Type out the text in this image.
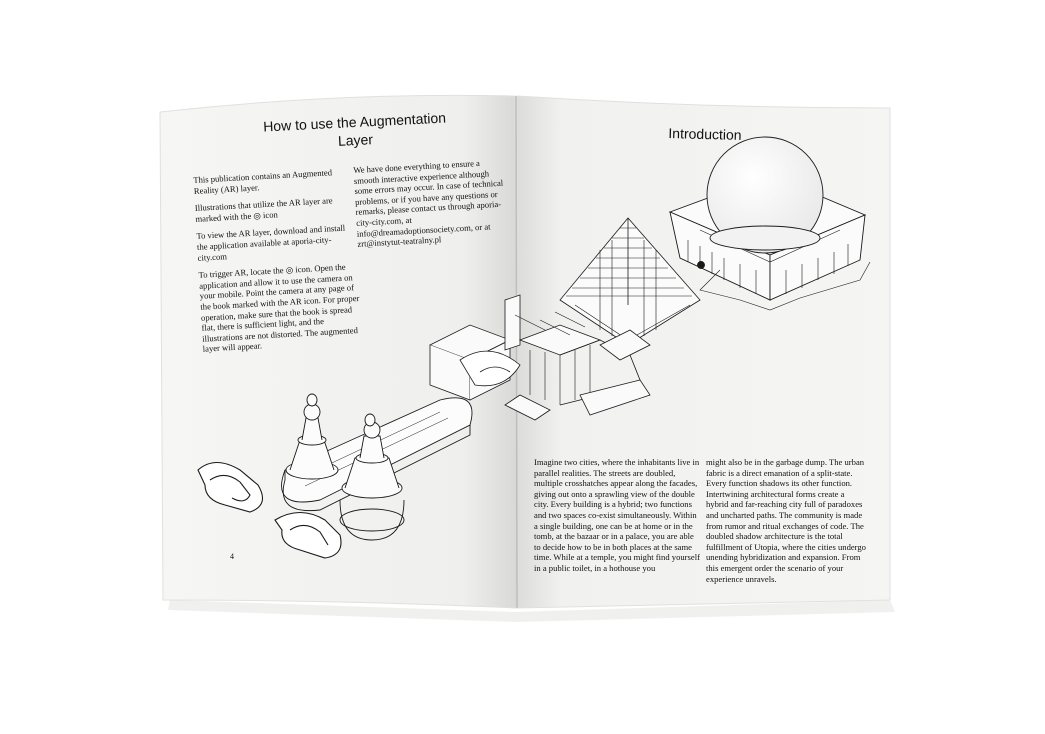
How to use the Augmentation
Layer

This publication contains an Augmented Reality (AR) layer.

Illustrations that utilize the AR layer are marked with the ◎ icon

To view the AR layer, download and install the application available at aporia-city-city.com

To trigger AR, locate the ◎ icon. Open the application and allow it to use the camera on your mobile. Point the camera at any page of the book marked with the AR icon. For proper operation, make sure that the book is spread flat, there is sufficient light, and the illustrations are not distorted. The augmented layer will appear.

We have done everything to ensure a smooth interactive experience although some errors may occur. In case of technical problems, or if you have any questions or remarks, please contact us through aporia-city-city.com, at info@dreamadoptionsociety.com, or at zrt@instytut-teatralny.pl

4
Introduction
Imagine two cities, where the inhabitants live in parallel realities. The streets are doubled, multiple crosshatches appear along the facades, giving out onto a sprawling view of the double city. Every building is a hybrid; two functions and two spaces co-exist simultaneously. Within a single building, one can be at home or in the tomb, at the bazaar or in a palace, you are able to decide how to be in both places at the same time. While at a temple, you might find yourself in a public toilet, in a hothouse you
might also be in the garbage dump. The urban fabric is a direct emanation of a split-state. Every function shadows its other function. Intertwining architectural forms create a hybrid and far-reaching city full of paradoxes and uncharted paths. The community is made from rumor and ritual exchanges of code. The doubled shadow architecture is the total fulfillment of Utopia, where the cities undergo unending hybridization and expansion. From this emergent order the scenario of your experience unravels.
